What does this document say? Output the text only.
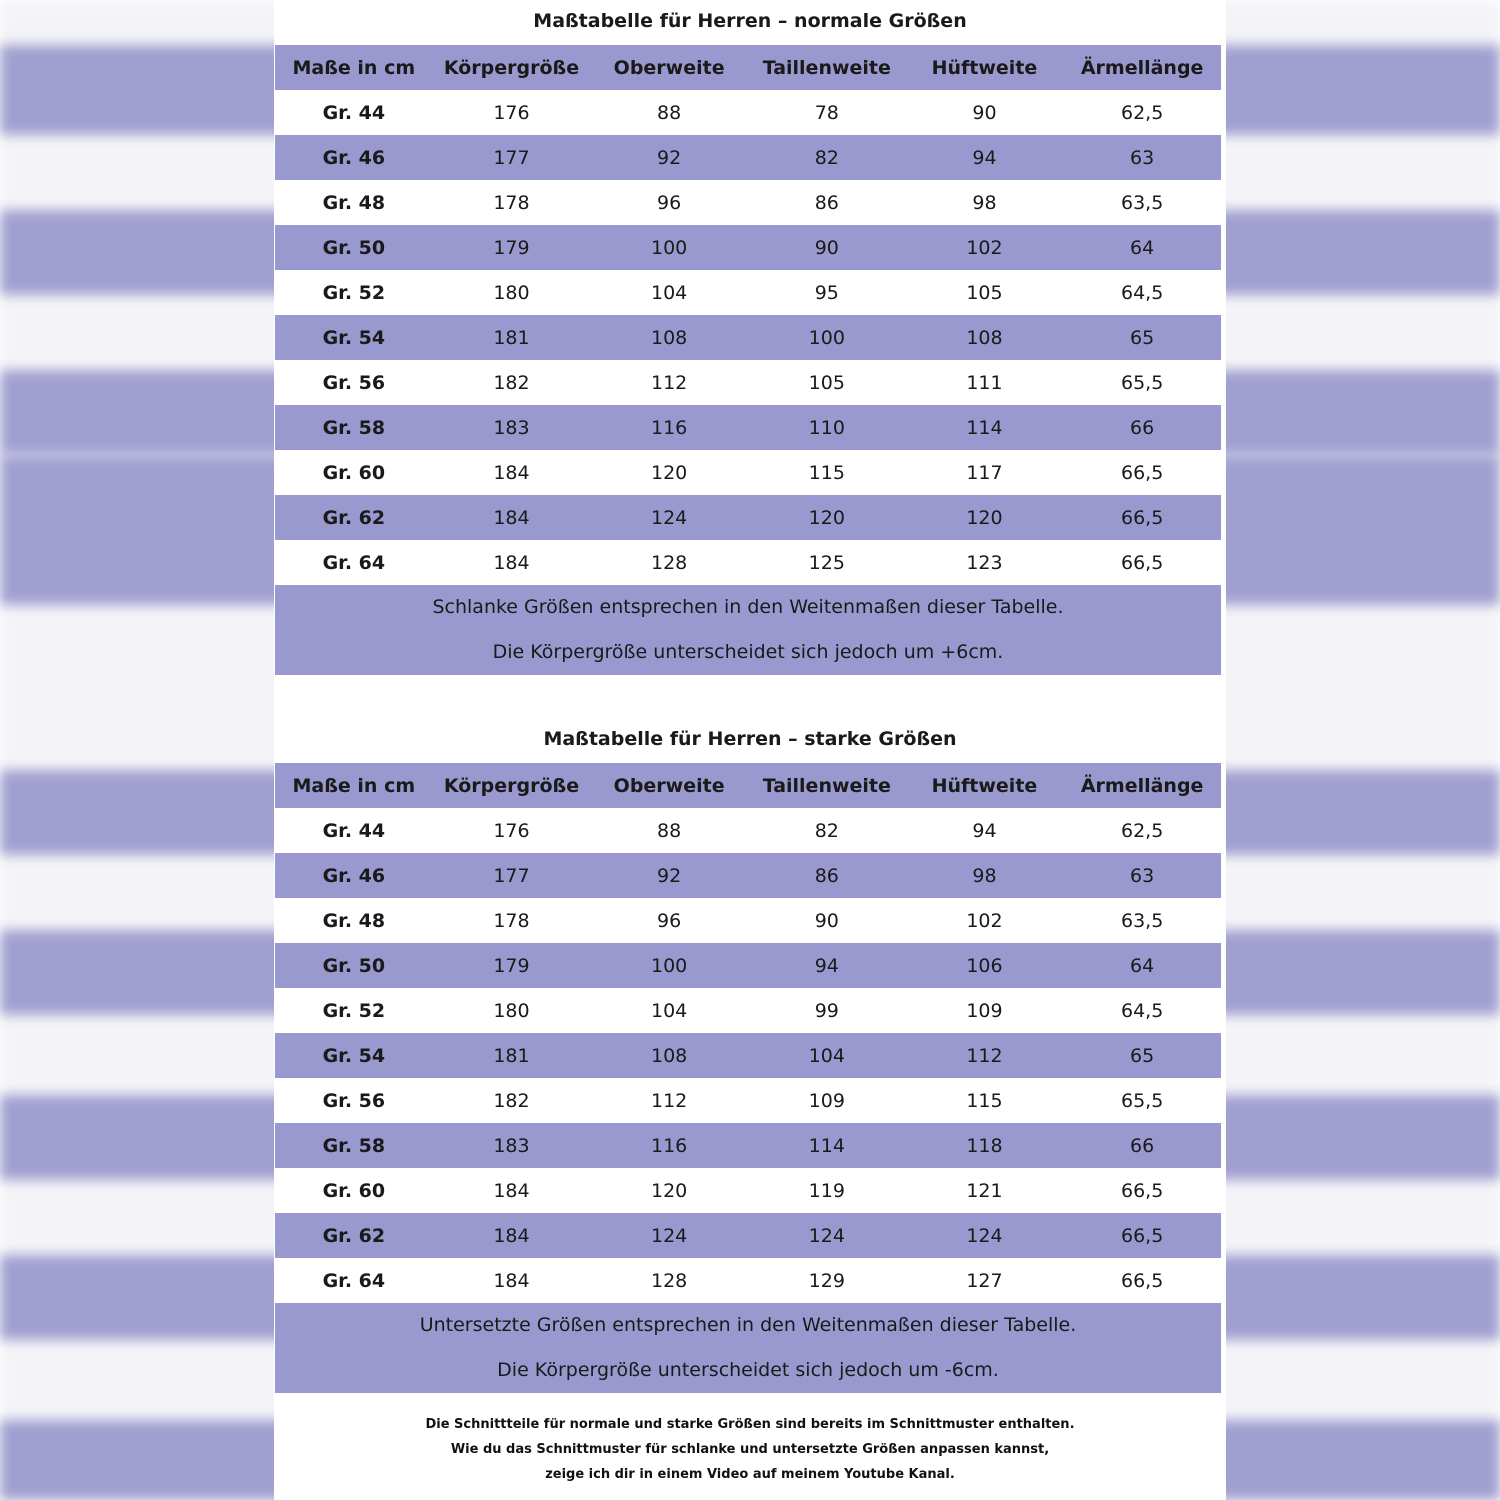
Maßtabelle für Herren – normale Größen
Maße in cm	Körpergröße	Oberweite	Taillenweite	Hüftweite	Ärmellänge
Gr. 44	176	88	78	90	62,5
Gr. 46	177	92	82	94	63
Gr. 48	178	96	86	98	63,5
Gr. 50	179	100	90	102	64
Gr. 52	180	104	95	105	64,5
Gr. 54	181	108	100	108	65
Gr. 56	182	112	105	111	65,5
Gr. 58	183	116	110	114	66
Gr. 60	184	120	115	117	66,5
Gr. 62	184	124	120	120	66,5
Gr. 64	184	128	125	123	66,5
Schlanke Größen entsprechen in den Weitenmaßen dieser Tabelle.
Die Körpergröße unterscheidet sich jedoch um +6cm.
Maßtabelle für Herren – starke Größen
Maße in cm	Körpergröße	Oberweite	Taillenweite	Hüftweite	Ärmellänge
Gr. 44	176	88	82	94	62,5
Gr. 46	177	92	86	98	63
Gr. 48	178	96	90	102	63,5
Gr. 50	179	100	94	106	64
Gr. 52	180	104	99	109	64,5
Gr. 54	181	108	104	112	65
Gr. 56	182	112	109	115	65,5
Gr. 58	183	116	114	118	66
Gr. 60	184	120	119	121	66,5
Gr. 62	184	124	124	124	66,5
Gr. 64	184	128	129	127	66,5
Untersetzte Größen entsprechen in den Weitenmaßen dieser Tabelle.
Die Körpergröße unterscheidet sich jedoch um -6cm.
Die Schnittteile für normale und starke Größen sind bereits im Schnittmuster enthalten.
Wie du das Schnittmuster für schlanke und untersetzte Größen anpassen kannst,
zeige ich dir in einem Video auf meinem Youtube Kanal.
